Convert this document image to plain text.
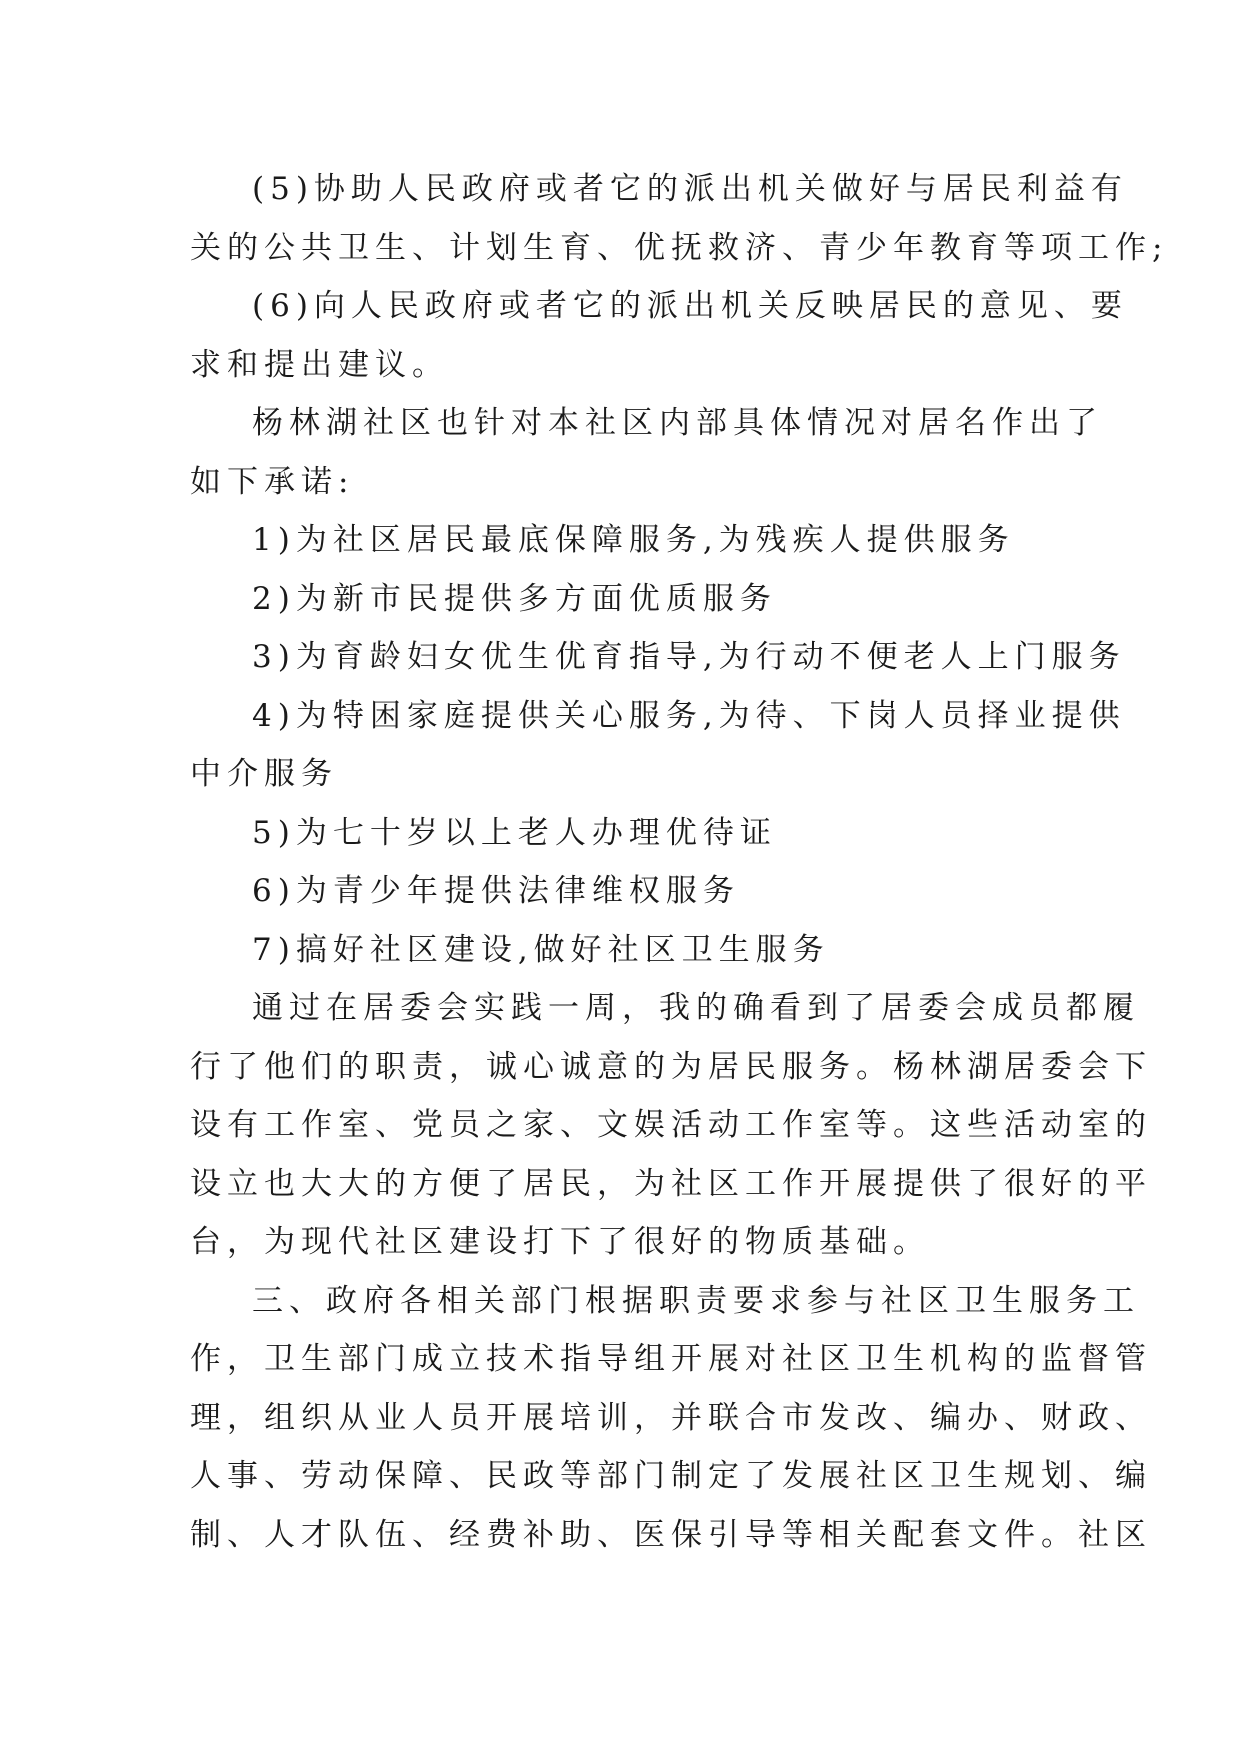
(5)协助人民政府或者它的派出机关做好与居民利益有

关的公共卫生、计划生育、优抚救济、青少年教育等项工作;

(6)向人民政府或者它的派出机关反映居民的意见、要

求和提出建议。

杨林湖社区也针对本社区内部具体情况对居名作出了

如下承诺:

1)为社区居民最底保障服务,为残疾人提供服务

2)为新市民提供多方面优质服务

3)为育龄妇女优生优育指导,为行动不便老人上门服务

4)为特困家庭提供关心服务,为待、下岗人员择业提供

中介服务

5)为七十岁以上老人办理优待证

6)为青少年提供法律维权服务

7)搞好社区建设,做好社区卫生服务

通过在居委会实践一周，我的确看到了居委会成员都履

行了他们的职责，诚心诚意的为居民服务。杨林湖居委会下

设有工作室、党员之家、文娱活动工作室等。这些活动室的

设立也大大的方便了居民，为社区工作开展提供了很好的平

台，为现代社区建设打下了很好的物质基础。

三、政府各相关部门根据职责要求参与社区卫生服务工

作，卫生部门成立技术指导组开展对社区卫生机构的监督管

理，组织从业人员开展培训，并联合市发改、编办、财政、

人事、劳动保障、民政等部门制定了发展社区卫生规划、编

制、人才队伍、经费补助、医保引导等相关配套文件。社区
